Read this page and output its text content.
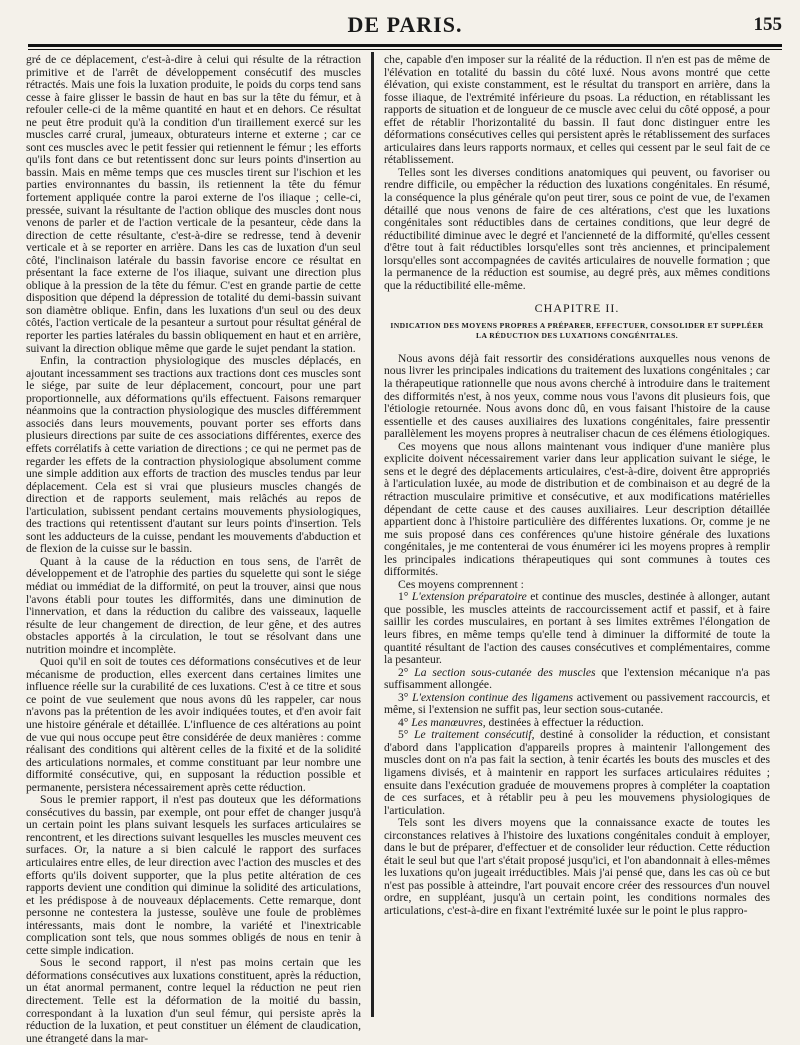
DE PARIS.	155

gré de ce déplacement, c'est-à-dire à celui qui résulte de la rétraction primitive et de l'arrêt de développement consécutif des muscles rétractés. Mais une fois la luxation produite, le poids du corps tend sans cesse à faire glisser le bassin de haut en bas sur la tête du fémur, et à refouler celle-ci de la même quantité en haut et en dehors. Ce résultat ne peut être produit qu'à la condition d'un tiraillement exercé sur les muscles carré crural, jumeaux, obturateurs interne et externe ; car ce sont ces muscles avec le petit fessier qui retiennent le fémur ; les efforts qu'ils font dans ce but retentissent donc sur leurs points d'insertion au bassin. Mais en même temps que ces muscles tirent sur l'ischion et les parties environnantes du bassin, ils retiennent la tête du fémur fortement appliquée contre la paroi externe de l'os iliaque ; celle-ci, pressée, suivant la résultante de l'action oblique des muscles dont nous venons de parler et de l'action verticale de la pesanteur, cède dans la direction de cette résultante, c'est-à-dire se redresse, tend à devenir verticale et à se reporter en arrière. Dans les cas de luxation d'un seul côté, l'inclinaison latérale du bassin favorise encore ce résultat en présentant la face externe de l'os iliaque, suivant une direction plus oblique à la pression de la tête du fémur. C'est en grande partie de cette disposition que dépend la dépression de totalité du demi-bassin suivant son diamètre oblique. Enfin, dans les luxations d'un seul ou des deux côtés, l'action verticale de la pesanteur a surtout pour résultat général de reporter les parties latérales du bassin obliquement en haut et en arrière, suivant la direction oblique même que garde le sujet pendant la station.

Enfin, la contraction physiologique des muscles déplacés, en ajoutant incessamment ses tractions aux tractions dont ces muscles sont le siége, par suite de leur déplacement, concourt, pour une part proportionnelle, aux déformations qu'ils effectuent. Faisons remarquer néanmoins que la contraction physiologique des muscles différemment associés dans leurs mouvements, pouvant porter ses efforts dans plusieurs directions par suite de ces associations différentes, exerce des effets corrélatifs à cette variation de directions ; ce qui ne permet pas de regarder les effets de la contraction physiologique absolument comme une simple addition aux efforts de traction des muscles tendus par leur déplacement. Cela est si vrai que plusieurs muscles changés de direction et de rapports seulement, mais relâchés au repos de l'articulation, subissent pendant certains mouvements physiologiques, des tractions qui retentissent d'autant sur leurs points d'insertion. Tels sont les adducteurs de la cuisse, pendant les mouvements d'abduction et de flexion de la cuisse sur le bassin.

Quant à la cause de la réduction en tous sens, de l'arrêt de développement et de l'atrophie des parties du squelette qui sont le siége médiat ou immédiat de la difformité, on peut la trouver, ainsi que nous l'avons établi pour toutes les difformités, dans une diminution de l'innervation, et dans la réduction du calibre des vaisseaux, laquelle résulte de leur changement de direction, de leur gêne, et des autres obstacles apportés à la circulation, le tout se résolvant dans une nutrition moindre et incomplète.

Quoi qu'il en soit de toutes ces déformations consécutives et de leur mécanisme de production, elles exercent dans certaines limites une influence réelle sur la curabilité de ces luxations. C'est à ce titre et sous ce point de vue seulement que nous avons dû les rappeler, car nous n'avons pas la prétention de les avoir indiquées toutes, et d'en avoir fait une histoire générale et détaillée. L'influence de ces altérations au point de vue qui nous occupe peut être considérée de deux manières : comme réalisant des conditions qui altèrent celles de la fixité et de la solidité des articulations normales, et comme constituant par leur nombre une difformité consécutive, qui, en supposant la réduction possible et permanente, persistera nécessairement après cette réduction.

Sous le premier rapport, il n'est pas douteux que les déformations consécutives du bassin, par exemple, ont pour effet de changer jusqu'à un certain point les plans suivant lesquels les surfaces articulaires se rencontrent, et les directions suivant lesquelles les muscles meuvent ces surfaces. Or, la nature a si bien calculé le rapport des surfaces articulaires entre elles, de leur direction avec l'action des muscles et des efforts qu'ils doivent supporter, que la plus petite altération de ces rapports devient une condition qui diminue la solidité des articulations, et les prédispose à de nouveaux déplacements. Cette remarque, dont personne ne contestera la justesse, soulève une foule de problèmes intéressants, mais dont le nombre, la variété et l'inextricable complication sont tels, que nous sommes obligés de nous en tenir à cette simple indication.

Sous le second rapport, il n'est pas moins certain que les déformations consécutives aux luxations constituent, après la réduction, un état anormal permanent, contre lequel la réduction ne peut rien directement. Telle est la déformation de la moitié du bassin, correspondant à la luxation d'un seul fémur, qui persiste après la réduction de la luxation, et peut constituer un élément de claudication, une étrangeté dans la mar-

che, capable d'en imposer sur la réalité de la réduction. Il n'en est pas de même de l'élévation en totalité du bassin du côté luxé. Nous avons montré que cette élévation, qui existe constamment, est le résultat du transport en arrière, dans la fosse iliaque, de l'extrémité inférieure du psoas. La réduction, en rétablissant les rapports de situation et de longueur de ce muscle avec celui du côté opposé, a pour effet de rétablir l'horizontalité du bassin. Il faut donc distinguer entre les déformations consécutives celles qui persistent après le rétablissement des surfaces articulaires dans leurs rapports normaux, et celles qui cessent par le seul fait de ce rétablissement.

Telles sont les diverses conditions anatomiques qui peuvent, ou favoriser ou rendre difficile, ou empêcher la réduction des luxations congénitales. En résumé, la conséquence la plus générale qu'on peut tirer, sous ce point de vue, de l'examen détaillé que nous venons de faire de ces altérations, c'est que les luxations congénitales sont réductibles dans de certaines conditions, que leur degré de réductibilité diminue avec le degré et l'ancienneté de la difformité, qu'elles cessent d'être tout à fait réductibles lorsqu'elles sont très anciennes, et principalement lorsqu'elles sont accompagnées de cavités articulaires de nouvelle formation ; que la permanence de la réduction est soumise, au degré près, aux mêmes conditions que la réductibilité elle-même.

CHAPITRE II.
INDICATION DES MOYENS PROPRES A PRÉPARER, EFFECTUER, CONSOLIDER ET SUPPLÉER LA RÉDUCTION DES LUXATIONS CONGÉNITALES.

Nous avons déjà fait ressortir des considérations auxquelles nous venons de nous livrer les principales indications du traitement des luxations congénitales ; car la thérapeutique rationnelle que nous avons cherché à introduire dans le traitement des difformités n'est, à nos yeux, comme nous vous l'avons dit plusieurs fois, que l'étiologie retournée. Nous avons donc dû, en vous faisant l'histoire de la cause essentielle et des causes auxiliaires des luxations congénitales, faire pressentir parallèlement les moyens propres à neutraliser chacun de ces élémens étiologiques.

Ces moyens que nous allons maintenant vous indiquer d'une manière plus explicite doivent nécessairement varier dans leur application suivant le siége, le sens et le degré des déplacements articulaires, c'est-à-dire, doivent être appropriés à l'articulation luxée, au mode de distribution et de combinaison et au degré de la rétraction musculaire primitive et consécutive, et aux modifications matérielles dépendant de cette cause et des causes auxiliaires. Leur description détaillée appartient donc à l'histoire particulière des différentes luxations. Or, comme je ne me suis proposé dans ces conférences qu'une histoire générale des luxations congénitales, je me contenterai de vous énumérer ici les moyens propres à remplir les principales indications thérapeutiques qui sont communes à toutes ces difformités.

Ces moyens comprennent :

1° L'extension préparatoire et continue des muscles, destinée à allonger, autant que possible, les muscles atteints de raccourcissement actif et passif, et à faire saillir les cordes musculaires, en portant à ses limites extrêmes l'élongation de leurs fibres, en même temps qu'elle tend à diminuer la difformité de toute la quantité résultant de l'action des causes consécutives et complémentaires, comme la pesanteur.

2° La section sous-cutanée des muscles que l'extension mécanique n'a pas suffisamment allongée.

3° L'extension continue des ligamens activement ou passivement raccourcis, et même, si l'extension ne suffit pas, leur section sous-cutanée.

4° Les manœuvres, destinées à effectuer la réduction.

5° Le traitement consécutif, destiné à consolider la réduction, et consistant d'abord dans l'application d'appareils propres à maintenir l'allongement des muscles dont on n'a pas fait la section, à tenir écartés les bouts des muscles et des ligamens divisés, et à maintenir en rapport les surfaces articulaires réduites ; ensuite dans l'exécution graduée de mouvemens propres à compléter la coaptation de ces surfaces, et à rétablir peu à peu les mouvemens physiologiques de l'articulation.

Tels sont les divers moyens que la connaissance exacte de toutes les circonstances relatives à l'histoire des luxations congénitales conduit à employer, dans le but de préparer, d'effectuer et de consolider leur réduction. Cette réduction était le seul but que l'art s'était proposé jusqu'ici, et l'on abandonnait à elles-mêmes les luxations qu'on jugeait irréductibles. Mais j'ai pensé que, dans les cas où ce but n'est pas possible à atteindre, l'art pouvait encore créer des ressources d'un nouvel ordre, en suppléant, jusqu'à un certain point, les conditions normales des articulations, c'est-à-dire en fixant l'extrémité luxée sur le point le plus rappro-
